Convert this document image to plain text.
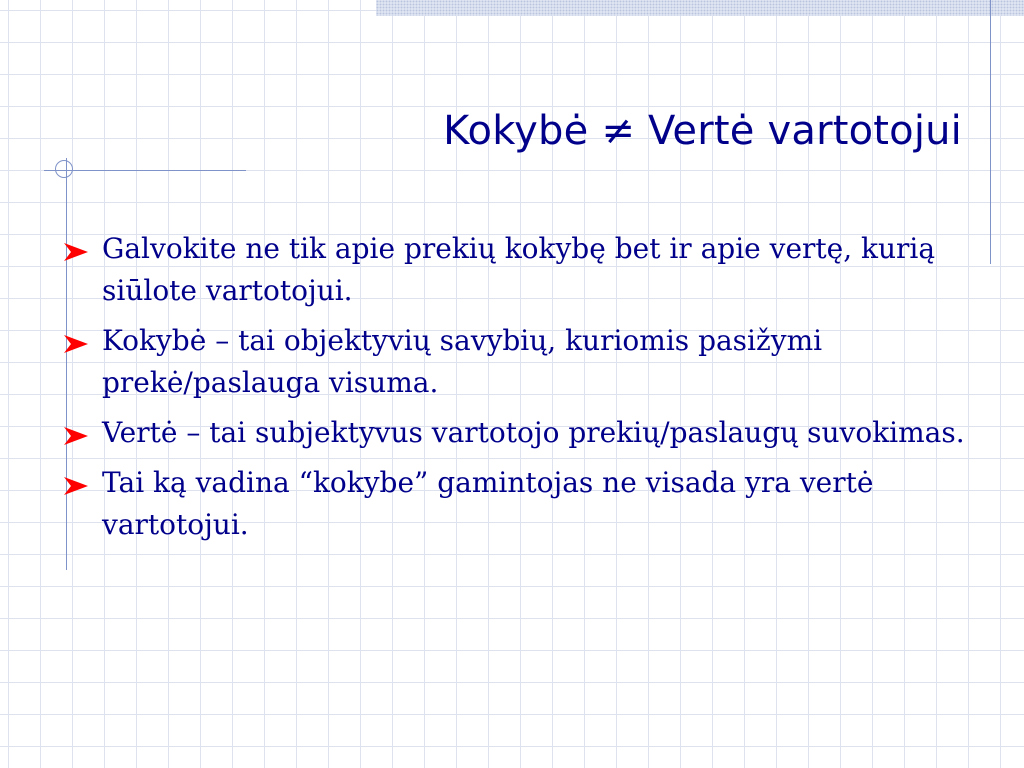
Kokybė ≠ Vertė vartotojui
Galvokite ne tik apie prekių kokybę bet ir apie vertę, kurią siūlote vartotojui.
Kokybė – tai objektyvių savybių, kuriomis pasižymi prekė/paslauga visuma.
Vertė – tai subjektyvus vartotojo prekių/paslaugų suvokimas.
Tai ką vadina “kokybe” gamintojas ne visada yra vertė vartotojui.
